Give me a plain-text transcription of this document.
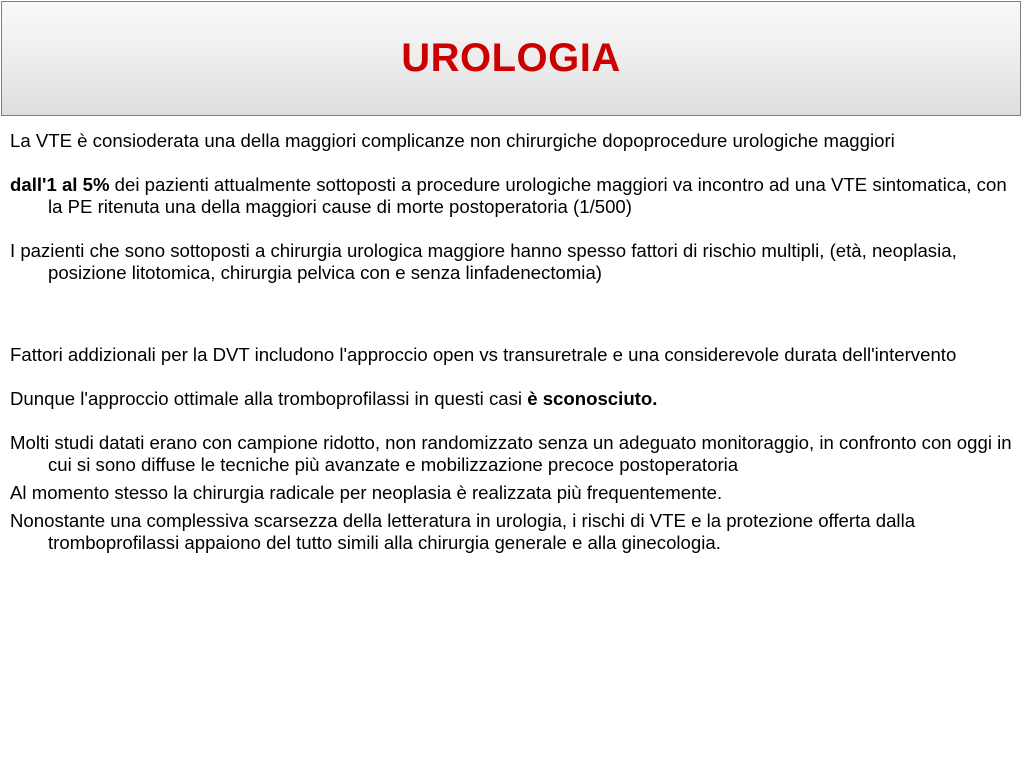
UROLOGIA

La VTE è consioderata una della maggiori complicanze non chirurgiche dopoprocedure urologiche maggiori

dall'1 al 5% dei pazienti attualmente sottoposti a procedure urologiche maggiori va incontro ad una VTE sintomatica, con la PE ritenuta una della maggiori cause di morte postoperatoria (1/500)

I pazienti che sono sottoposti a chirurgia urologica maggiore hanno spesso fattori di rischio multipli, (età, neoplasia, posizione litotomica, chirurgia pelvica con e senza linfadenectomia)

Fattori addizionali per la DVT includono l'approccio open vs transuretrale e una considerevole durata dell'intervento

Dunque l'approccio ottimale alla tromboprofilassi in questi casi è sconosciuto.

Molti studi datati erano con campione ridotto, non randomizzato senza un adeguato monitoraggio, in confronto con oggi in cui si sono diffuse le tecniche più avanzate e mobilizzazione precoce postoperatoria

Al momento stesso la chirurgia radicale per neoplasia è realizzata più frequentemente.

Nonostante una complessiva scarsezza della letteratura in urologia, i rischi di VTE e la protezione offerta dalla tromboprofilassi appaiono del tutto simili alla chirurgia generale e alla ginecologia.
